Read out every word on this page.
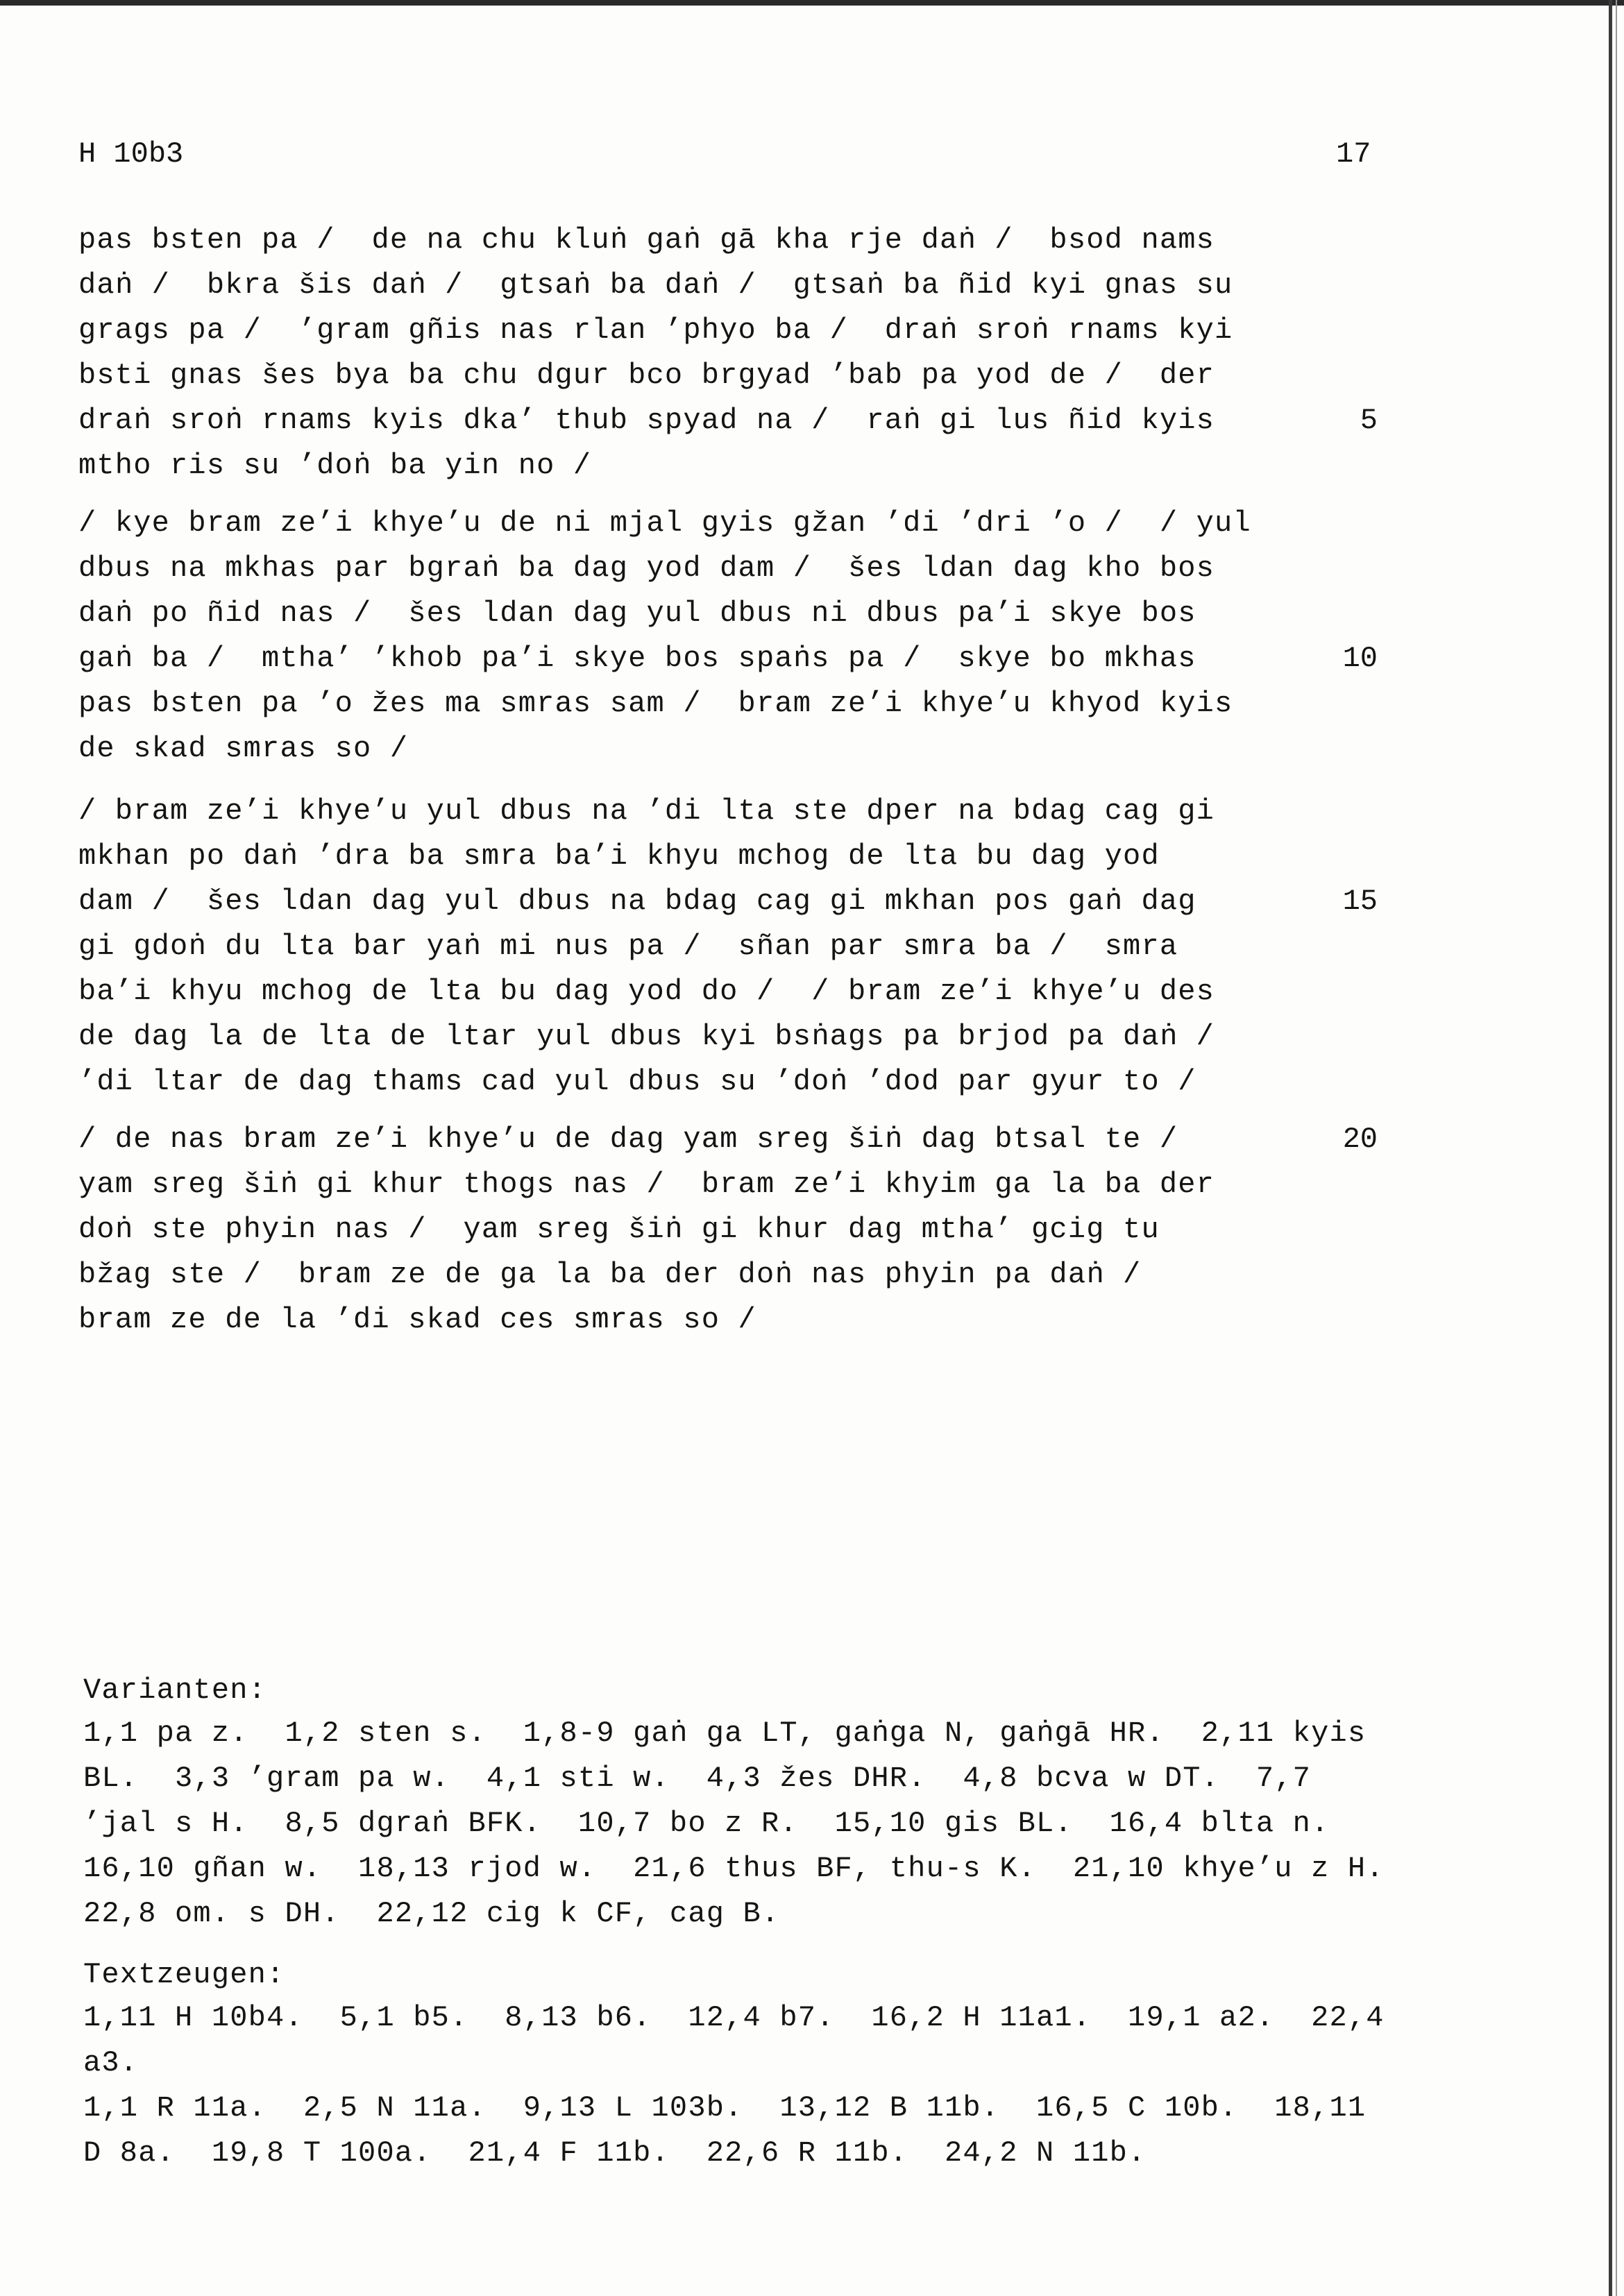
H 10b3	17
pas bsten pa /  de na chu kluṅ gaṅ gā kha rje daṅ /  bsod nams
daṅ /  bkra šis daṅ /  gtsaṅ ba daṅ /  gtsaṅ ba ñid kyi gnas su
grags pa /  ’gram gñis nas rlan ’phyo ba /  draṅ sroṅ rnams kyi
bsti gnas šes bya ba chu dgur bco brgyad ’bab pa yod de /  der
draṅ sroṅ rnams kyis dka’ thub spyad na /  raṅ gi lus ñid kyis
mtho ris su ’doṅ ba yin no /
5
/ kye bram ze’i khye’u de ni mjal gyis gžan ’di ’dri ’o /  / yul
dbus na mkhas par bgraṅ ba dag yod dam /  šes ldan dag kho bos
daṅ po ñid nas /  šes ldan dag yul dbus ni dbus pa’i skye bos
gaṅ ba /  mtha’ ’khob pa’i skye bos spaṅs pa /  skye bo mkhas
pas bsten pa ’o žes ma smras sam /  bram ze’i khye’u khyod kyis
de skad smras so /
10
/ bram ze’i khye’u yul dbus na ’di lta ste dper na bdag cag gi
mkhan po daṅ ’dra ba smra ba’i khyu mchog de lta bu dag yod
dam /  šes ldan dag yul dbus na bdag cag gi mkhan pos gaṅ dag
gi gdoṅ du lta bar yaṅ mi nus pa /  sñan par smra ba /  smra
ba’i khyu mchog de lta bu dag yod do /  / bram ze’i khye’u des
de dag la de lta de ltar yul dbus kyi bsṅags pa brjod pa daṅ /
’di ltar de dag thams cad yul dbus su ’doṅ ’dod par gyur to /
15
/ de nas bram ze’i khye’u de dag yam sreg šiṅ dag btsal te /
yam sreg šiṅ gi khur thogs nas /  bram ze’i khyim ga la ba der
doṅ ste phyin nas /  yam sreg šiṅ gi khur dag mtha’ gcig tu
bžag ste /  bram ze de ga la ba der doṅ nas phyin pa daṅ /
bram ze de la ’di skad ces smras so /
20
Varianten:
1,1 pa z.  1,2 sten s.  1,8-9 gaṅ ga LT, gaṅga N, gaṅgā HR.  2,11 kyis
BL.  3,3 ’gram pa w.  4,1 sti w.  4,3 žes DHR.  4,8 bcva w DT.  7,7
’jal s H.  8,5 dgraṅ BFK.  10,7 bo z R.  15,10 gis BL.  16,4 blta n.
16,10 gñan w.  18,13 rjod w.  21,6 thus BF, thu-s K.  21,10 khye’u z H.
22,8 om. s DH.  22,12 cig k CF, cag B.
Textzeugen:
1,11 H 10b4.  5,1 b5.  8,13 b6.  12,4 b7.  16,2 H 11a1.  19,1 a2.  22,4
a3.
1,1 R 11a.  2,5 N 11a.  9,13 L 103b.  13,12 B 11b.  16,5 C 10b.  18,11
D 8a.  19,8 T 100a.  21,4 F 11b.  22,6 R 11b.  24,2 N 11b.
